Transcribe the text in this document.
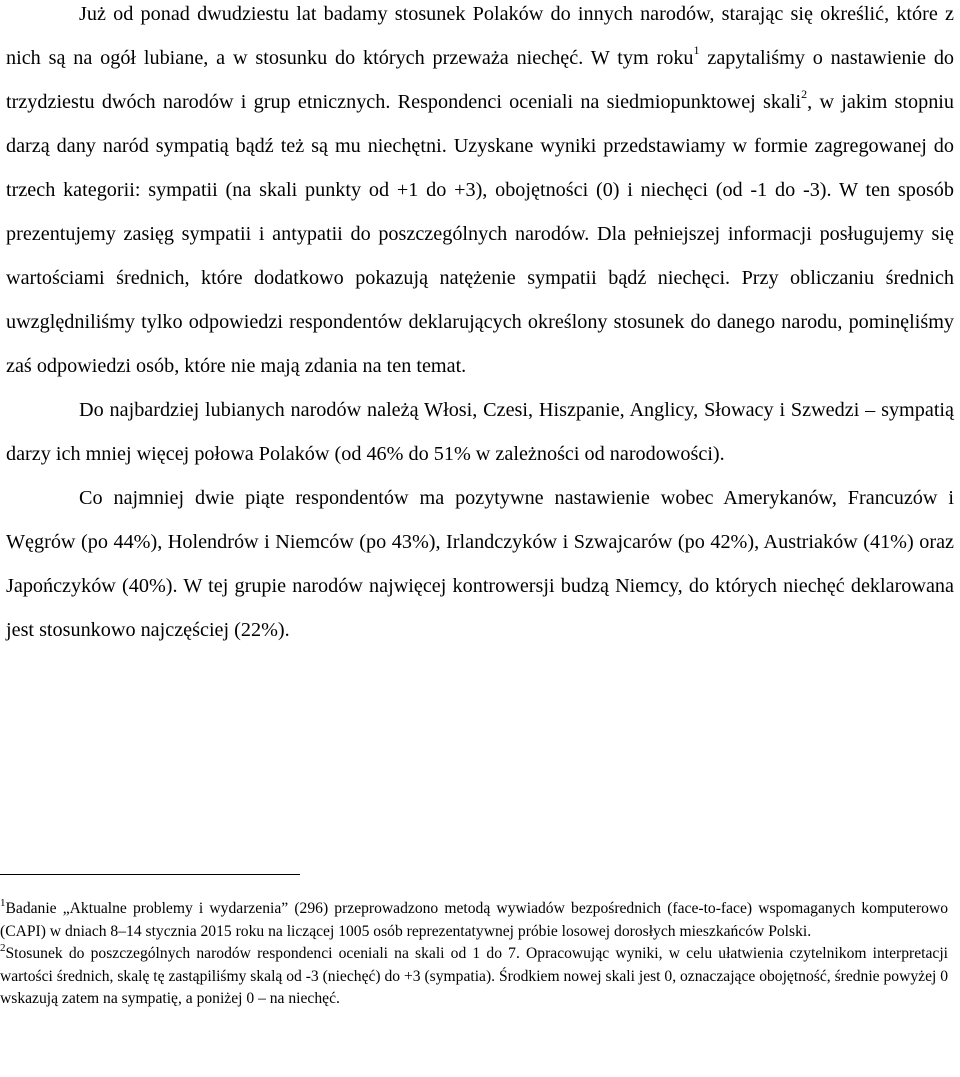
Już od ponad dwudziestu lat badamy stosunek Polaków do innych narodów, starając się określić, które z nich są na ogół lubiane, a w stosunku do których przeważa niechęć. W tym roku$^1$ zapytaliśmy o nastawienie do trzydziestu dwóch narodów i grup etnicznych. Respondenci oceniali na siedmiopunktowej skali$^2$, w jakim stopniu darzą dany naród sympatią bądź też są mu niechętni. Uzyskane wyniki przedstawiamy w formie zagregowanej do trzech kategorii: sympatii (na skali punkty od +1 do +3), obojętności (0) i niechęci (od -1 do -3). W ten sposób prezentujemy zasięg sympatii i antypatii do poszczególnych narodów. Dla pełniejszej informacji posługujemy się wartościami średnich, które dodatkowo pokazują natężenie sympatii bądź niechęci. Przy obliczaniu średnich uwzględniliśmy tylko odpowiedzi respondentów deklarujących określony stosunek do danego narodu, pominęliśmy zaś odpowiedzi osób, które nie mają zdania na ten temat.

Do najbardziej lubianych narodów należą Włosi, Czesi, Hiszpanie, Anglicy, Słowacy i Szwedzi – sympatią darzy ich mniej więcej połowa Polaków (od 46% do 51% w zależności od narodowości).

Co najmniej dwie piąte respondentów ma pozytywne nastawienie wobec Amerykanów, Francuzów i Węgrów (po 44%), Holendrów i Niemców (po 43%), Irlandczyków i Szwajcarów (po 42%), Austriaków (41%) oraz Japończyków (40%). W tej grupie narodów najwięcej kontrowersji budzą Niemcy, do których niechęć deklarowana jest stosunkowo najczęściej (22%).

$^1$Badanie „Aktualne problemy i wydarzenia” (296) przeprowadzono metodą wywiadów bezpośrednich (face-to-face) wspomaganych komputerowo (CAPI) w dniach 8–14 stycznia 2015 roku na liczącej 1005 osób reprezentatywnej próbie losowej dorosłych mieszkańców Polski.

$^2$Stosunek do poszczególnych narodów respondenci oceniali na skali od 1 do 7. Opracowując wyniki, w celu ułatwienia czytelnikom interpretacji wartości średnich, skalę tę zastąpiliśmy skalą od -3 (niechęć) do +3 (sympatia). Środkiem nowej skali jest 0, oznaczające obojętność, średnie powyżej 0 wskazują zatem na sympatię, a poniżej 0 – na niechęć.
